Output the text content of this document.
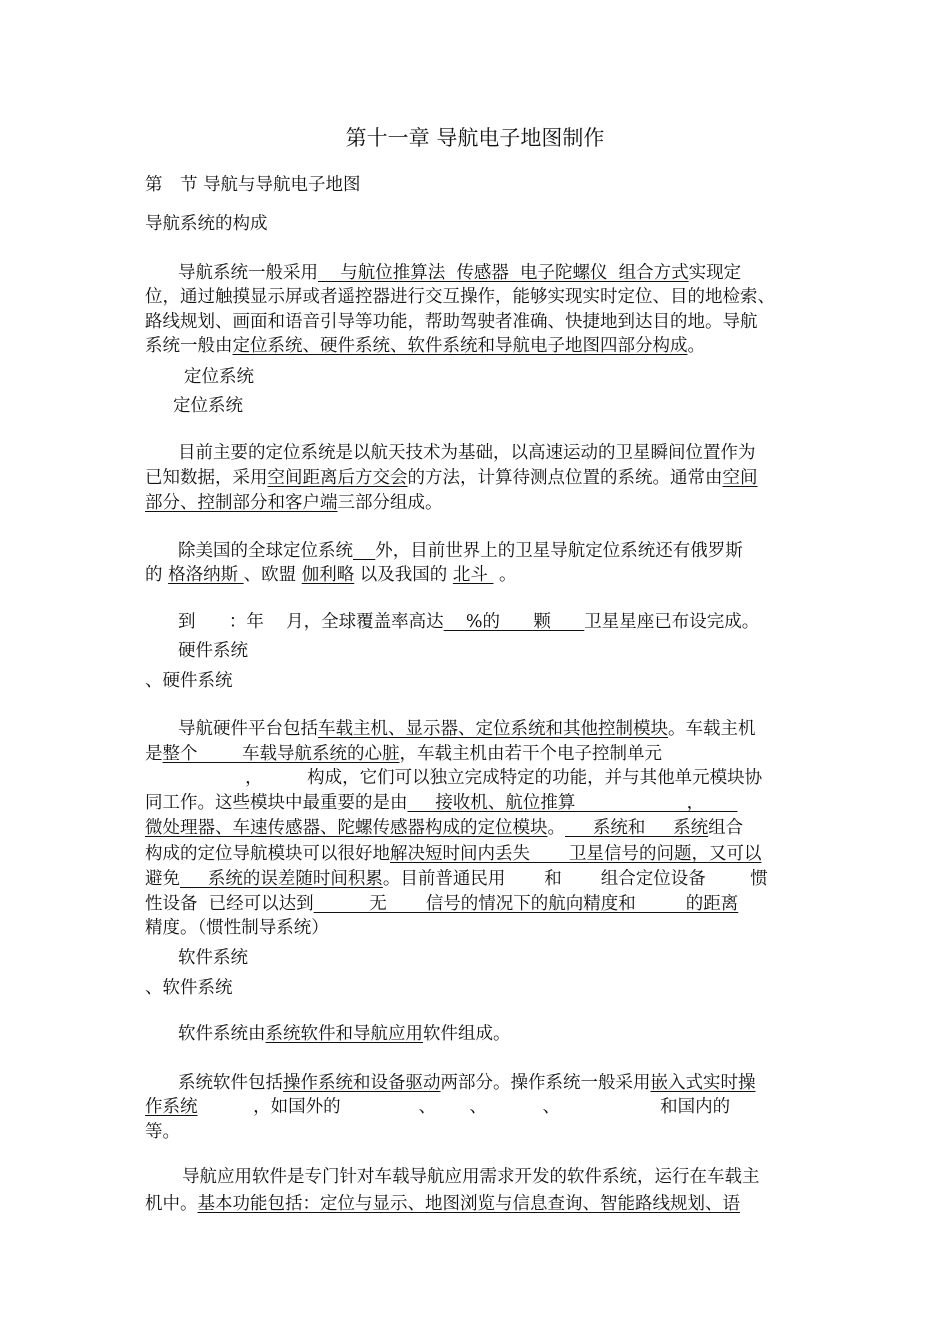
第十一章 导航电子地图制作
第　节 导航与导航电子地图
导航系统的构成
导航系统一般采用    与航位推算法  传感器  电子陀螺仪  组合方式实现定
位，通过触摸显示屏或者遥控器进行交互操作，能够实现实时定位、目的地检索、
路线规划、画面和语音引导等功能，帮助驾驶者准确、快捷地到达目的地。导航
系统一般由定位系统、硬件系统、软件系统和导航电子地图四部分构成。
定位系统
定位系统
目前主要的定位系统是以航天技术为基础，以高速运动的卫星瞬间位置作为
已知数据，采用空间距离后方交会的方法，计算待测点位置的系统。通常由空间
部分、控制部分和客户端三部分组成。
除美国的全球定位系统 外，目前世界上的卫星导航定位系统还有俄罗斯
的 格洛纳斯 、欧盟 伽利略 以及我国的 北斗  。
到      ：年    月，全球覆盖率高达    %的      颗      卫星星座已布设完成。
硬件系统
、硬件系统
导航硬件平台包括车载主机、显示器、定位系统和其他控制模块。车载主机
是整个        车载导航系统的心脏，车载主机由若干个电子控制单元
，        构成，它们可以独立完成特定的功能，并与其他单元模块协
同工作。这些模块中最重要的是由     接收机、航位推算                    ，
微处理器、车速传感器、陀螺传感器构成的定位模块。     系统和     系统组合
构成的定位导航模块可以很好地解决短时间内丢失       卫星信号的问题，又可以
避免     系统的误差随时间积累。目前普通民用       和       组合定位设备        惯
性设备  已经可以达到          无       信号的情况下的航向精度和         的距离
精度。（惯性制导系统）
软件系统
、软件系统
软件系统由系统软件和导航应用软件组成。
系统软件包括操作系统和设备驱动两部分。操作系统一般采用嵌入式实时操
作系统          ，如国外的              、      、          、                  和国内的
等。
导航应用软件是专门针对车载导航应用需求开发的软件系统，运行在车载主
机中。基本功能包括：定位与显示、地图浏览与信息查询、智能路线规划、语
